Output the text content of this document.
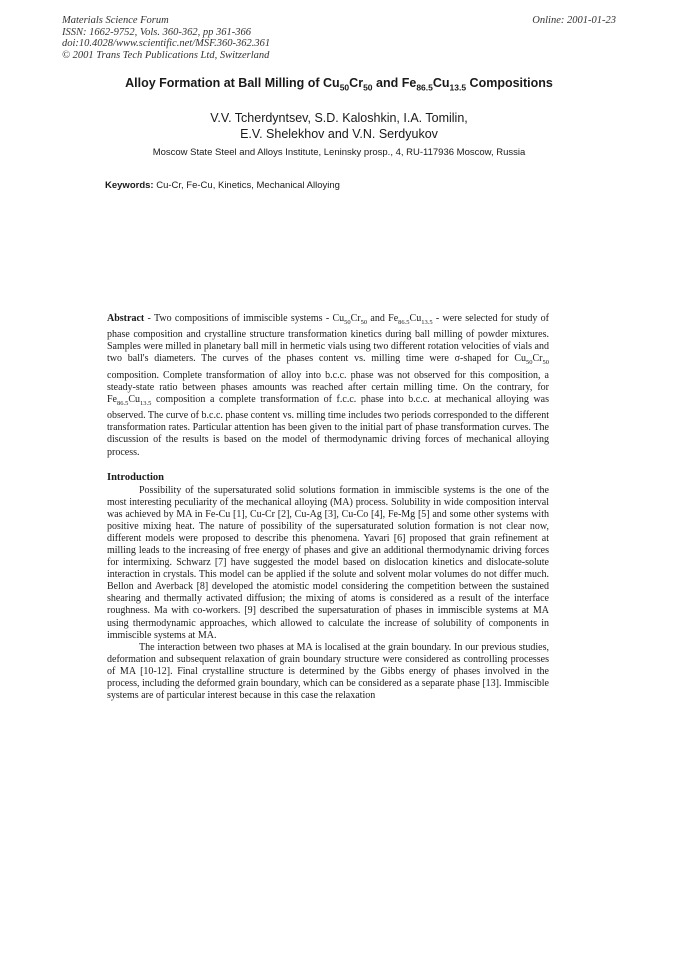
Materials Science Forum
ISSN: 1662-9752, Vols. 360-362, pp 361-366
doi:10.4028/www.scientific.net/MSF.360-362.361
© 2001 Trans Tech Publications Ltd, Switzerland
Online: 2001-01-23
Alloy Formation at Ball Milling of $Cu_{50}Cr_{50}$ and $Fe_{86.5}Cu_{13.5}$ Compositions
V.V. Tcherdyntsev, S.D. Kaloshkin, I.A. Tomilin,
E.V. Shelekhov and V.N. Serdyukov
Moscow State Steel and Alloys Institute, Leninsky prosp., 4, RU-117936 Moscow, Russia
Keywords: Cu-Cr, Fe-Cu, Kinetics, Mechanical Alloying
Abstract - Two compositions of immiscible systems - $Cu_{50}Cr_{50}$ and $Fe_{86.5}Cu_{13.5}$ - were selected for study of phase composition and crystalline structure transformation kinetics during ball milling of powder mixtures. Samples were milled in planetary ball mill in hermetic vials using two different rotation velocities of vials and two ball's diameters. The curves of the phases content vs. milling time were σ-shaped for $Cu_{50}Cr_{50}$ composition. Complete transformation of alloy into b.c.c. phase was not observed for this composition, a steady-state ratio between phases amounts was reached after certain milling time. On the contrary, for $Fe_{86.5}Cu_{13.5}$ composition a complete transformation of f.c.c. phase into b.c.c. at mechanical alloying was observed. The curve of b.c.c. phase content vs. milling time includes two periods corresponded to the different transformation rates. Particular attention has been given to the initial part of phase transformation curves. The discussion of the results is based on the model of thermodynamic driving forces of mechanical alloying process.
Introduction

Possibility of the supersaturated solid solutions formation in immiscible systems is the one of the most interesting peculiarity of the mechanical alloying (MA) process. Solubility in wide composition interval was achieved by MA in Fe-Cu [1], Cu-Cr [2], Cu-Ag [3], Cu-Co [4], Fe-Mg [5] and some other systems with positive mixing heat. The nature of possibility of the supersaturated solution formation is not clear now, different models were proposed to describe this phenomena. Yavari [6] proposed that grain refinement at milling leads to the increasing of free energy of phases and give an additional thermodynamic driving forces for intermixing. Schwarz [7] have suggested the model based on dislocation kinetics and dislocate-solute interaction in crystals. This model can be applied if the solute and solvent molar volumes do not differ much. Bellon and Averback [8] developed the atomistic model considering the competition between the sustained shearing and thermally activated diffusion; the mixing of atoms is considered as a result of the interface roughness. Ma with co-workers. [9] described the supersaturation of phases in immiscible systems at MA using thermodynamic approaches, which allowed to calculate the increase of solubility of components in immiscible systems at MA.

The interaction between two phases at MA is localised at the grain boundary. In our previous studies, deformation and subsequent relaxation of grain boundary structure were considered as controlling processes of MA [10-12]. Final crystalline structure is determined by the Gibbs energy of phases involved in the process, including the deformed grain boundary, which can be considered as a separate phase [13]. Immiscible systems are of particular interest because in this case the relaxation
